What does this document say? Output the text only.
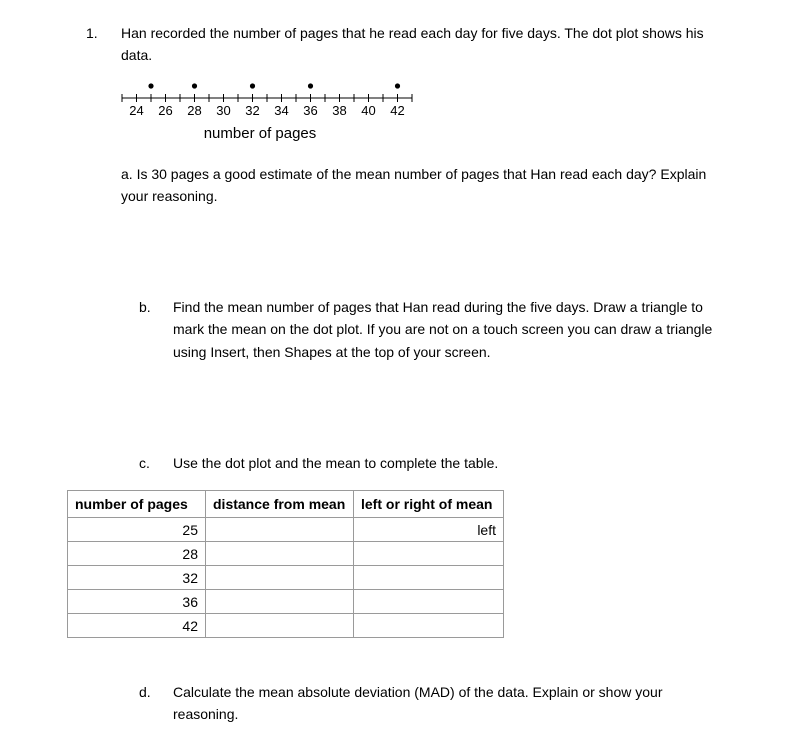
1. Han recorded the number of pages that he read each day for five days. The dot plot shows his
data.
24 26 28 30 32 34 36 38 40 42
number of pages
a. Is 30 pages a good estimate of the mean number of pages that Han read each day? Explain
your reasoning.
b. Find the mean number of pages that Han read during the five days. Draw a triangle to
mark the mean on the dot plot. If you are not on a touch screen you can draw a triangle
using Insert, then Shapes at the top of your screen.
c. Use the dot plot and the mean to complete the table.
number of pages	distance from mean	left or right of mean
25		left
28		
32		
36		
42		
d. Calculate the mean absolute deviation (MAD) of the data. Explain or show your
reasoning.
